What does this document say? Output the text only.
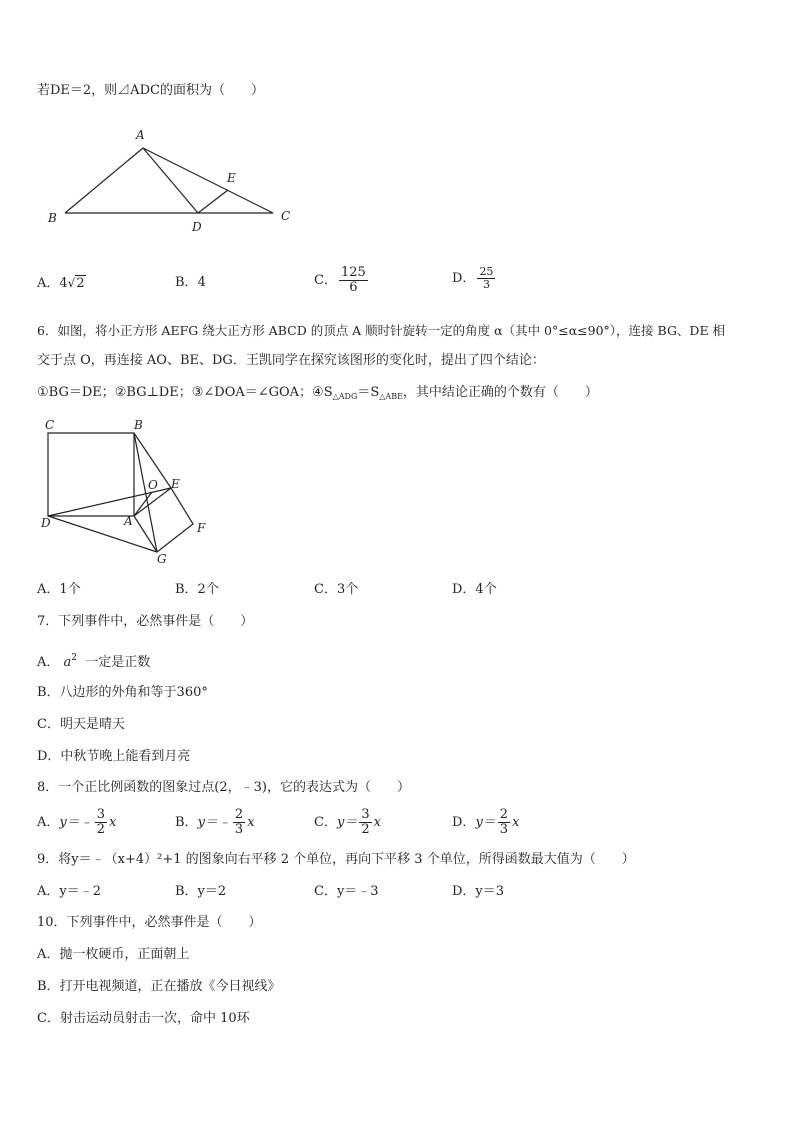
若DE＝2，则⊿ADC的面积为（　　）
A
B	C
D
E
A．4√2	B．4	C． $\frac{125}{6}$	D． $\frac{25}{3}$
6．如图，将小正方形 AEFG 绕大正方形 ABCD 的顶点 A 顺时针旋转一定的角度 α（其中 0°≤α≤90°），连接 BG、DE 相
交于点 O，再连接 AO、BE、DG．王凯同学在探究该图形的变化时，提出了四个结论：
①BG＝DE；②BG⊥DE；③∠DOA＝∠GOA；$④S_{\triangle ADG}=S_{\triangle ABE}$，其中结论正确的个数有（　　）
C	B
D	A
O E
F
G
A．1个	B．2个	C．3个	D．4个
7．下列事件中，必然事件是（　　）
A． $a^2$ 一定是正数
B．八边形的外角和等于360°
C．明天是晴天
D．中秋节晚上能看到月亮
8．一个正比例函数的图象过点(2，﹣3)，它的表达式为（　　）
A．y＝﹣ $\frac{3}{2}$ x	B．y＝﹣ $\frac{2}{3}$ x	C．$y= \frac{3}{2}$ x	D．$y= \frac{2}{3}$ x
9．将y＝﹣（x+4）²+1 的图象向右平移 2 个单位，再向下平移 3 个单位，所得函数最大值为（　　）
A．y＝﹣2	B．y＝2	C．y＝﹣3	D．y＝3
10．下列事件中，必然事件是（　　）
A．抛一枚硬币，正面朝上
B．打开电视频道，正在播放《今日视线》
C．射击运动员射击一次，命中 10环
